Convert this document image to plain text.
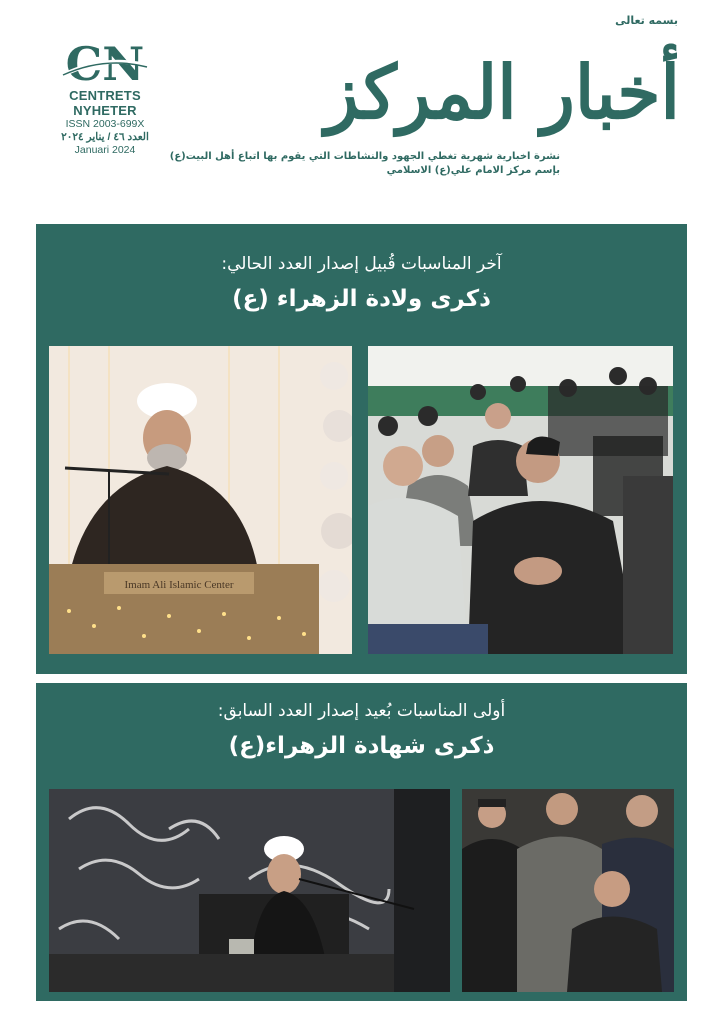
بسمه تعالى
CN
CENTRETS NYHETER
ISSN 2003-699X
العدد ٤٦ / يناير ٢٠٢٤
Januari 2024
أخبار المركز
نشرة اخبارية شهرية تغطي الجهود والنشاطات التي يقوم بها اتباع أهل البيت(ع)
بإسم مركز الامام علي(ع) الاسلامي
آخر المناسبات قُبيل إصدار العدد الحالي:
ذكرى ولادة الزهراء (ع)
Imam Ali Islamic Center
أولى المناسبات بُعيد إصدار العدد السابق:
ذكرى شهادة الزهراء(ع)
